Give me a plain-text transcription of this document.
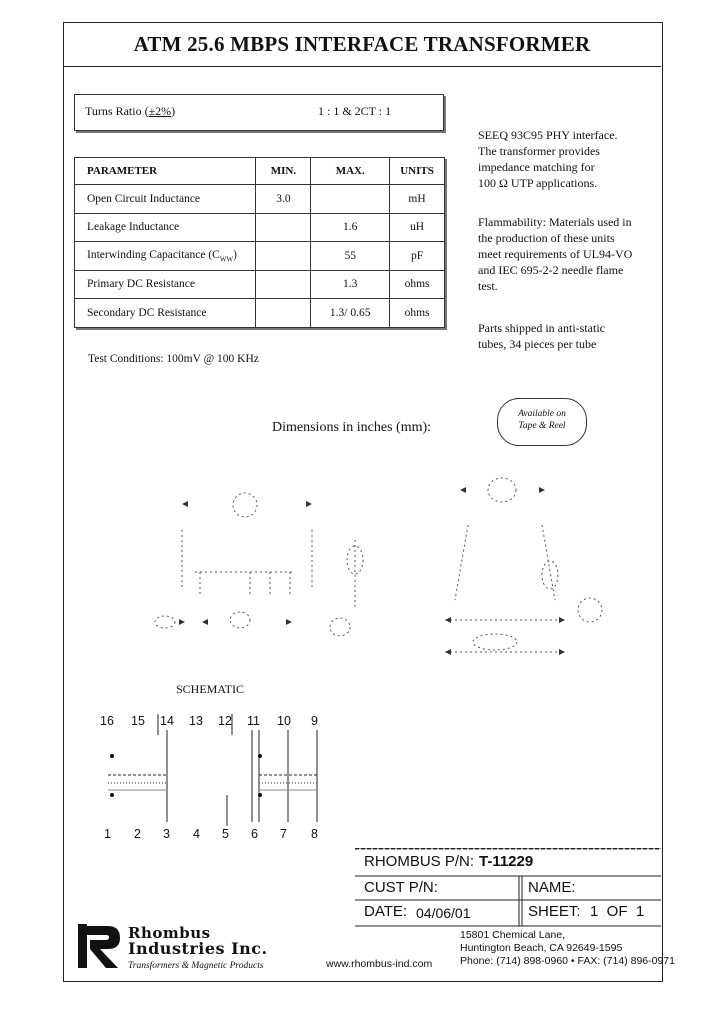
ATM 25.6 MBPS INTERFACE TRANSFORMER
Turns Ratio (±2%)	1 : 1 & 2CT : 1
PARAMETER	MIN.	MAX.	UNITS
Open Circuit Inductance	3.0		mH
Leakage Inductance		1.6	uH
Interwinding Capacitance $(C_{WW})$		55	pF
Primary DC Resistance		1.3	ohms
Secondary DC Resistance		1.3/ 0.65	ohms
SEEQ 93C95 PHY interface.
The transformer provides
impedance matching for
100 Ω UTP applications.
Flammability: Materials used in
the production of these units
meet requirements of UL94-VO
and IEC 695-2-2 needle flame
test.
Parts shipped in anti-static
tubes, 34 pieces per tube
Test Conditions: 100mV @ 100 KHz
Dimensions in inches (mm):
Available on
Tape & Reel
SCHEMATIC
16 15 14 13 12 11 10 9
1 2 3 4 5 6 7 8
RHOMBUS P/N: T-11229
CUST P/N:	NAME:
DATE: 04/06/01	SHEET: 1  OF  1
Rhombus
Industries Inc.
Transformers & Magnetic Products	www.rhombus-ind.com
15801 Chemical Lane,
Huntington Beach, CA 92649-1595
Phone: (714) 898-0960 • FAX: (714) 896-0971
